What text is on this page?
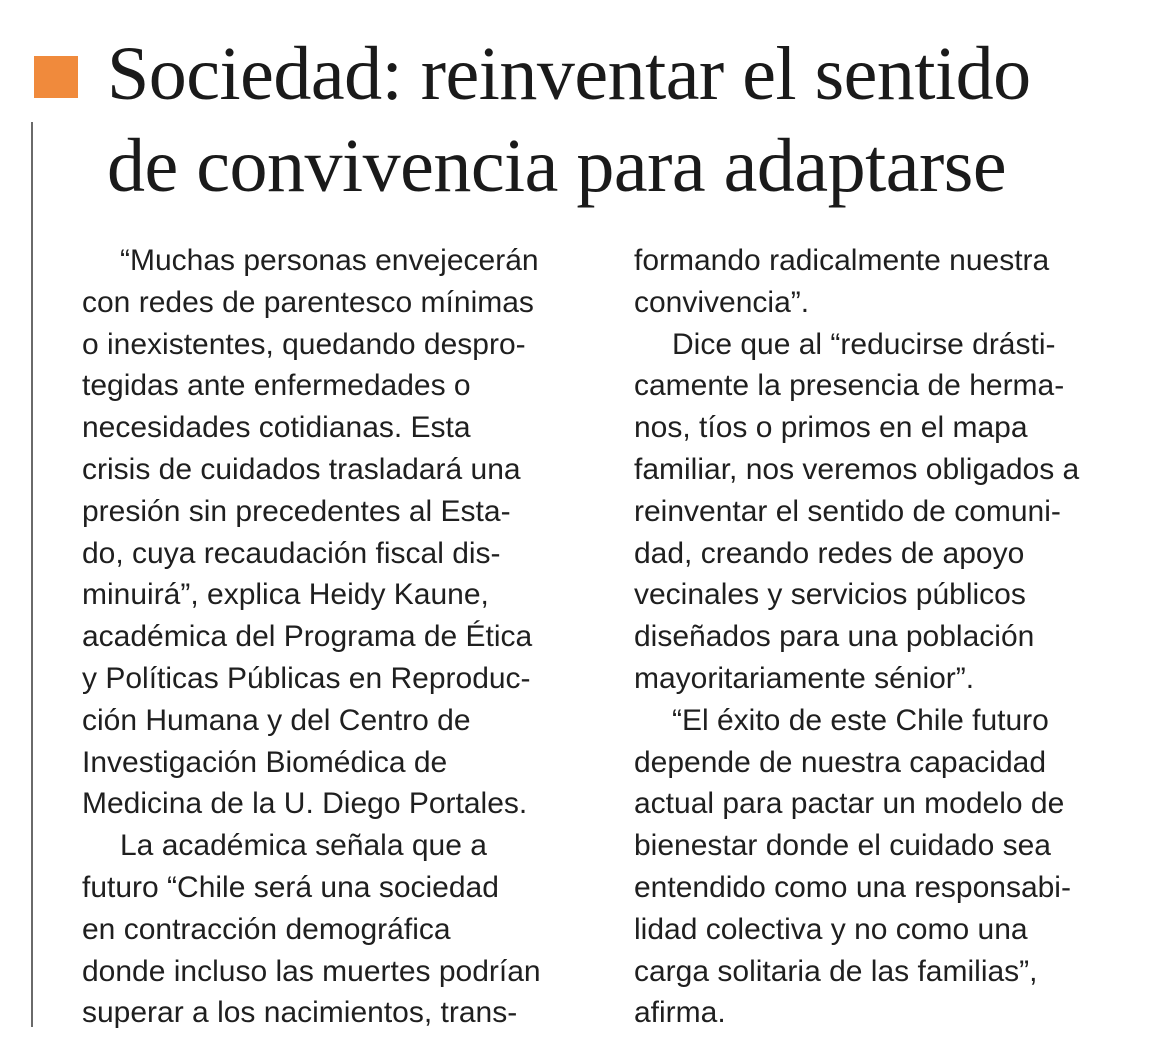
Sociedad: reinventar el sentido
de convivencia para adaptarse
“Muchas personas envejecerán
con redes de parentesco mínimas
o inexistentes, quedando despro-
tegidas ante enfermedades o
necesidades cotidianas. Esta
crisis de cuidados trasladará una
presión sin precedentes al Esta-
do, cuya recaudación fiscal dis-
minuirá”, explica Heidy Kaune,
académica del Programa de Ética
y Políticas Públicas en Reproduc-
ción Humana y del Centro de
Investigación Biomédica de
Medicina de la U. Diego Portales.
La académica señala que a
futuro “Chile será una sociedad
en contracción demográfica
donde incluso las muertes podrían
superar a los nacimientos, trans-
formando radicalmente nuestra
convivencia”.
Dice que al “reducirse drásti-
camente la presencia de herma-
nos, tíos o primos en el mapa
familiar, nos veremos obligados a
reinventar el sentido de comuni-
dad, creando redes de apoyo
vecinales y servicios públicos
diseñados para una población
mayoritariamente sénior”.
“El éxito de este Chile futuro
depende de nuestra capacidad
actual para pactar un modelo de
bienestar donde el cuidado sea
entendido como una responsabi-
lidad colectiva y no como una
carga solitaria de las familias”,
afirma.
